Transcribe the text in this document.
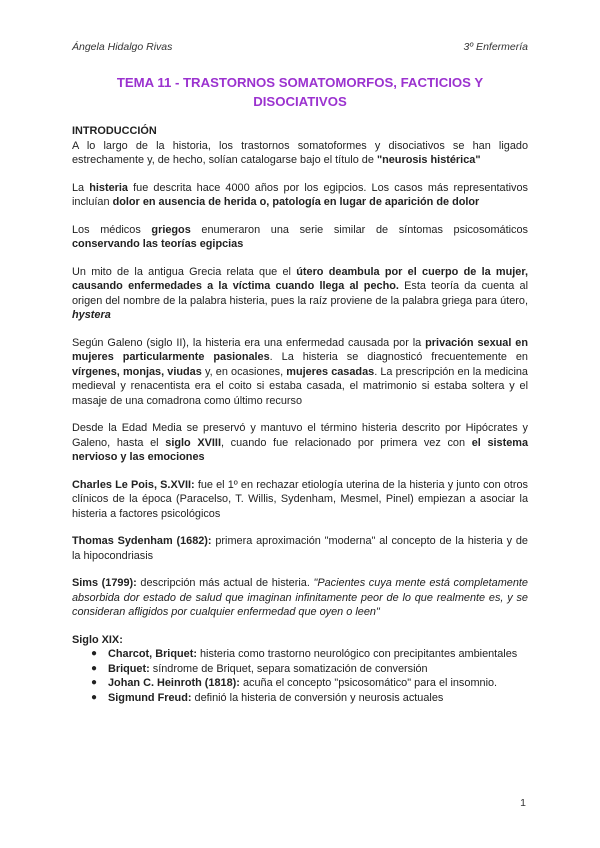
Ángela Hidalgo Rivas	3º Enfermería
TEMA 11 - TRASTORNOS SOMATOMORFOS, FACTICIOS Y
DISOCIATIVOS
INTRODUCCIÓN

A lo largo de la historia, los trastornos somatoformes y disociativos se han ligado estrechamente y, de hecho, solían catalogarse bajo el título de "neurosis histérica"

La histeria fue descrita hace 4000 años por los egipcios. Los casos más representativos incluían dolor en ausencia de herida o, patología en lugar de aparición de dolor

Los médicos griegos enumeraron una serie similar de síntomas psicosomáticos conservando las teorías egipcias

Un mito de la antigua Grecia relata que el útero deambula por el cuerpo de la mujer, causando enfermedades a la víctima cuando llega al pecho. Esta teoría da cuenta al origen del nombre de la palabra histeria, pues la raíz proviene de la palabra griega para útero, hystera

Según Galeno (siglo II), la histeria era una enfermedad causada por la privación sexual en mujeres particularmente pasionales. La histeria se diagnosticó frecuentemente en vírgenes, monjas, viudas y, en ocasiones, mujeres casadas. La prescripción en la medicina medieval y renacentista era el coito si estaba casada, el matrimonio si estaba soltera y el masaje de una comadrona como último recurso

Desde la Edad Media se preservó y mantuvo el término histeria descrito por Hipócrates y Galeno, hasta el siglo XVIII, cuando fue relacionado por primera vez con el sistema nervioso y las emociones

Charles Le Pois, S.XVII: fue el 1º en rechazar etiología uterina de la histeria y junto con otros clínicos de la época (Paracelso, T. Willis, Sydenham, Mesmel, Pinel) empiezan a asociar la histeria a factores psicológicos

Thomas Sydenham (1682): primera aproximación "moderna" al concepto de la histeria y de la hipocondriasis

Sims (1799): descripción más actual de histeria. "Pacientes cuya mente está completamente absorbida dor estado de salud que imaginan infinitamente peor de lo que realmente es, y se consideran afligidos por cualquier enfermedad que oyen o leen"

Siglo XIX:
● Charcot, Briquet: histeria como trastorno neurológico con precipitantes ambientales
● Briquet: síndrome de Briquet, separa somatización de conversión
● Johan C. Heinroth (1818): acuña el concepto "psicosomático" para el insomnio.
● Sigmund Freud: definió la histeria de conversión y neurosis actuales
1
